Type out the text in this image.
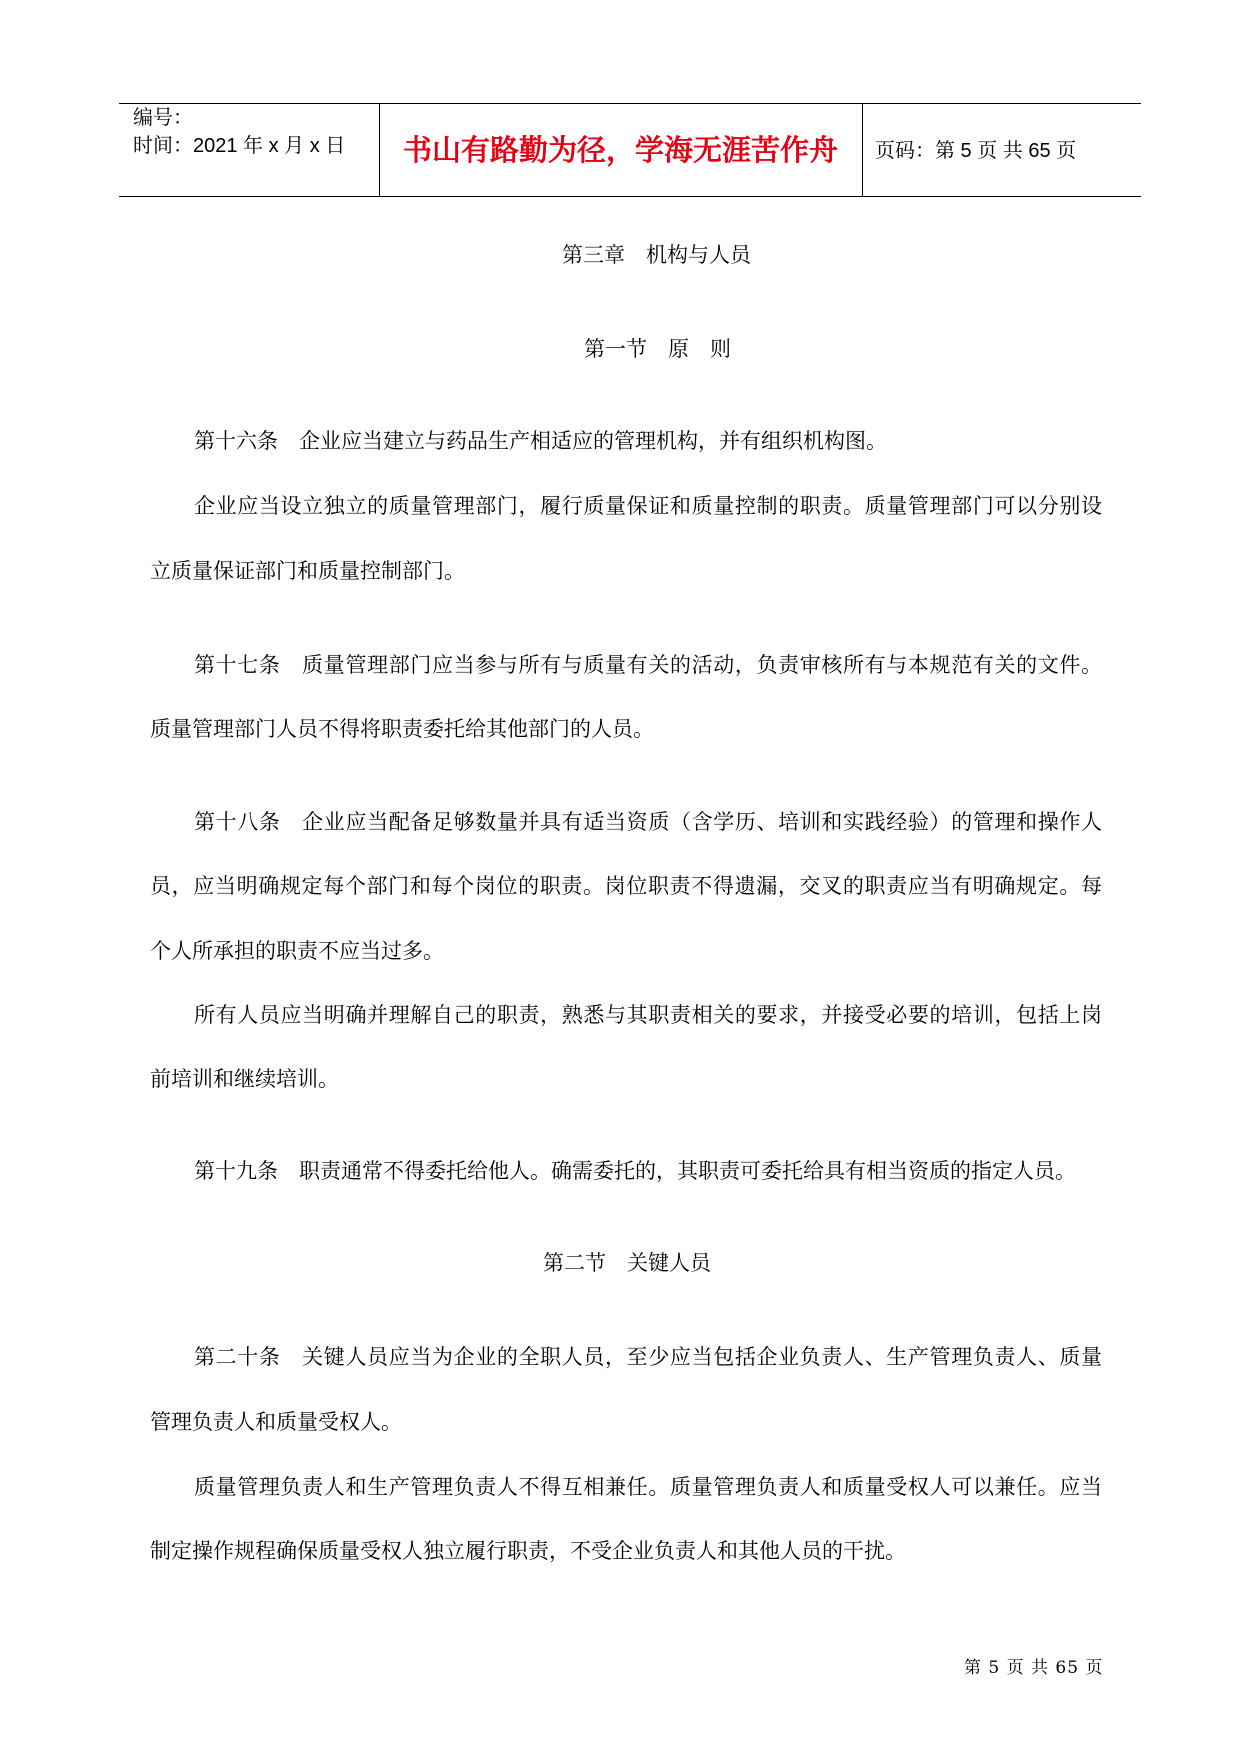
编号：
时间：2021 年 x 月 x 日	书山有路勤为径，学海无涯苦作舟	页码：第 5 页 共 65 页
第三章　机构与人员
第一节　原　则
第十六条　企业应当建立与药品生产相适应的管理机构，并有组织机构图。
企业应当设立独立的质量管理部门，履行质量保证和质量控制的职责。质量管理部门可以分别设
立质量保证部门和质量控制部门。
第十七条　质量管理部门应当参与所有与质量有关的活动，负责审核所有与本规范有关的文件。
质量管理部门人员不得将职责委托给其他部门的人员。
第十八条　企业应当配备足够数量并具有适当资质（含学历、培训和实践经验）的管理和操作人
员，应当明确规定每个部门和每个岗位的职责。岗位职责不得遗漏，交叉的职责应当有明确规定。每
个人所承担的职责不应当过多。
所有人员应当明确并理解自己的职责，熟悉与其职责相关的要求，并接受必要的培训，包括上岗
前培训和继续培训。
第十九条　职责通常不得委托给他人。确需委托的，其职责可委托给具有相当资质的指定人员。
第二节　关键人员
第二十条　关键人员应当为企业的全职人员，至少应当包括企业负责人、生产管理负责人、质量
管理负责人和质量受权人。
质量管理负责人和生产管理负责人不得互相兼任。质量管理负责人和质量受权人可以兼任。应当
制定操作规程确保质量受权人独立履行职责，不受企业负责人和其他人员的干扰。
第 5 页 共 65 页
